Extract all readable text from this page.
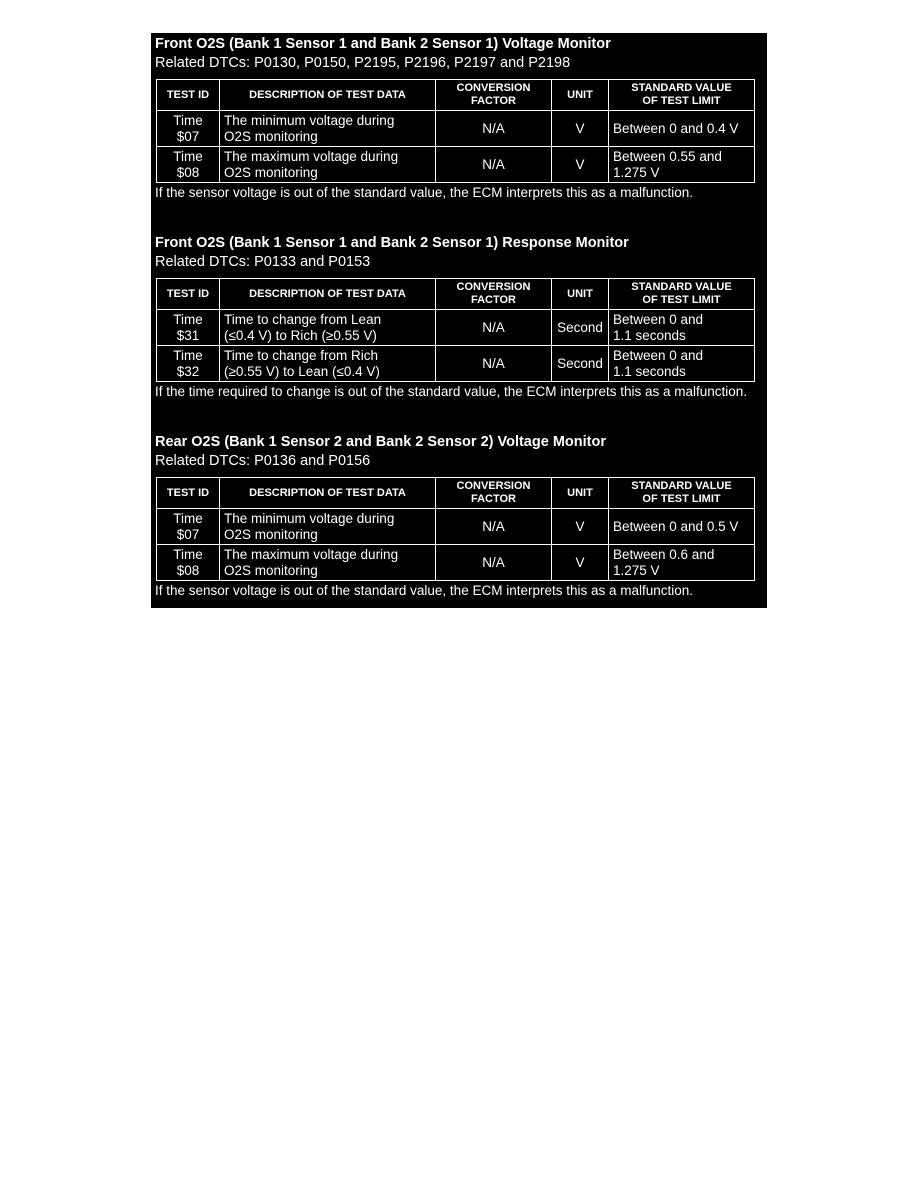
Front O2S (Bank 1 Sensor 1 and Bank 2 Sensor 1) Voltage Monitor
Related DTCs: P0130, P0150, P2195, P2196, P2197 and P2198
TEST ID	DESCRIPTION OF TEST DATA	CONVERSION
FACTOR	UNIT	STANDARD VALUE
OF TEST LIMIT

Time
$07	The minimum voltage during
O2S monitoring	N/A	V	Between 0 and 0.4 V

Time
$08	The maximum voltage during
O2S monitoring	N/A	V	Between 0.55 and
1.275 V
If the sensor voltage is out of the standard value, the ECM interprets this as a malfunction.
Front O2S (Bank 1 Sensor 1 and Bank 2 Sensor 1) Response Monitor
Related DTCs: P0133 and P0153
TEST ID	DESCRIPTION OF TEST DATA	CONVERSION
FACTOR	UNIT	STANDARD VALUE
OF TEST LIMIT

Time
$31	Time to change from Lean
(≤0.4 V) to Rich (≥0.55 V)	N/A	Second	Between 0 and
1.1 seconds

Time
$32	Time to change from Rich
(≥0.55 V) to Lean (≤0.4 V)	N/A	Second	Between 0 and
1.1 seconds
If the time required to change is out of the standard value, the ECM interprets this as a malfunction.
Rear O2S (Bank 1 Sensor 2 and Bank 2 Sensor 2) Voltage Monitor
Related DTCs: P0136 and P0156
TEST ID	DESCRIPTION OF TEST DATA	CONVERSION
FACTOR	UNIT	STANDARD VALUE
OF TEST LIMIT

Time
$07	The minimum voltage during
O2S monitoring	N/A	V	Between 0 and 0.5 V

Time
$08	The maximum voltage during
O2S monitoring	N/A	V	Between 0.6 and
1.275 V
If the sensor voltage is out of the standard value, the ECM interprets this as a malfunction.
